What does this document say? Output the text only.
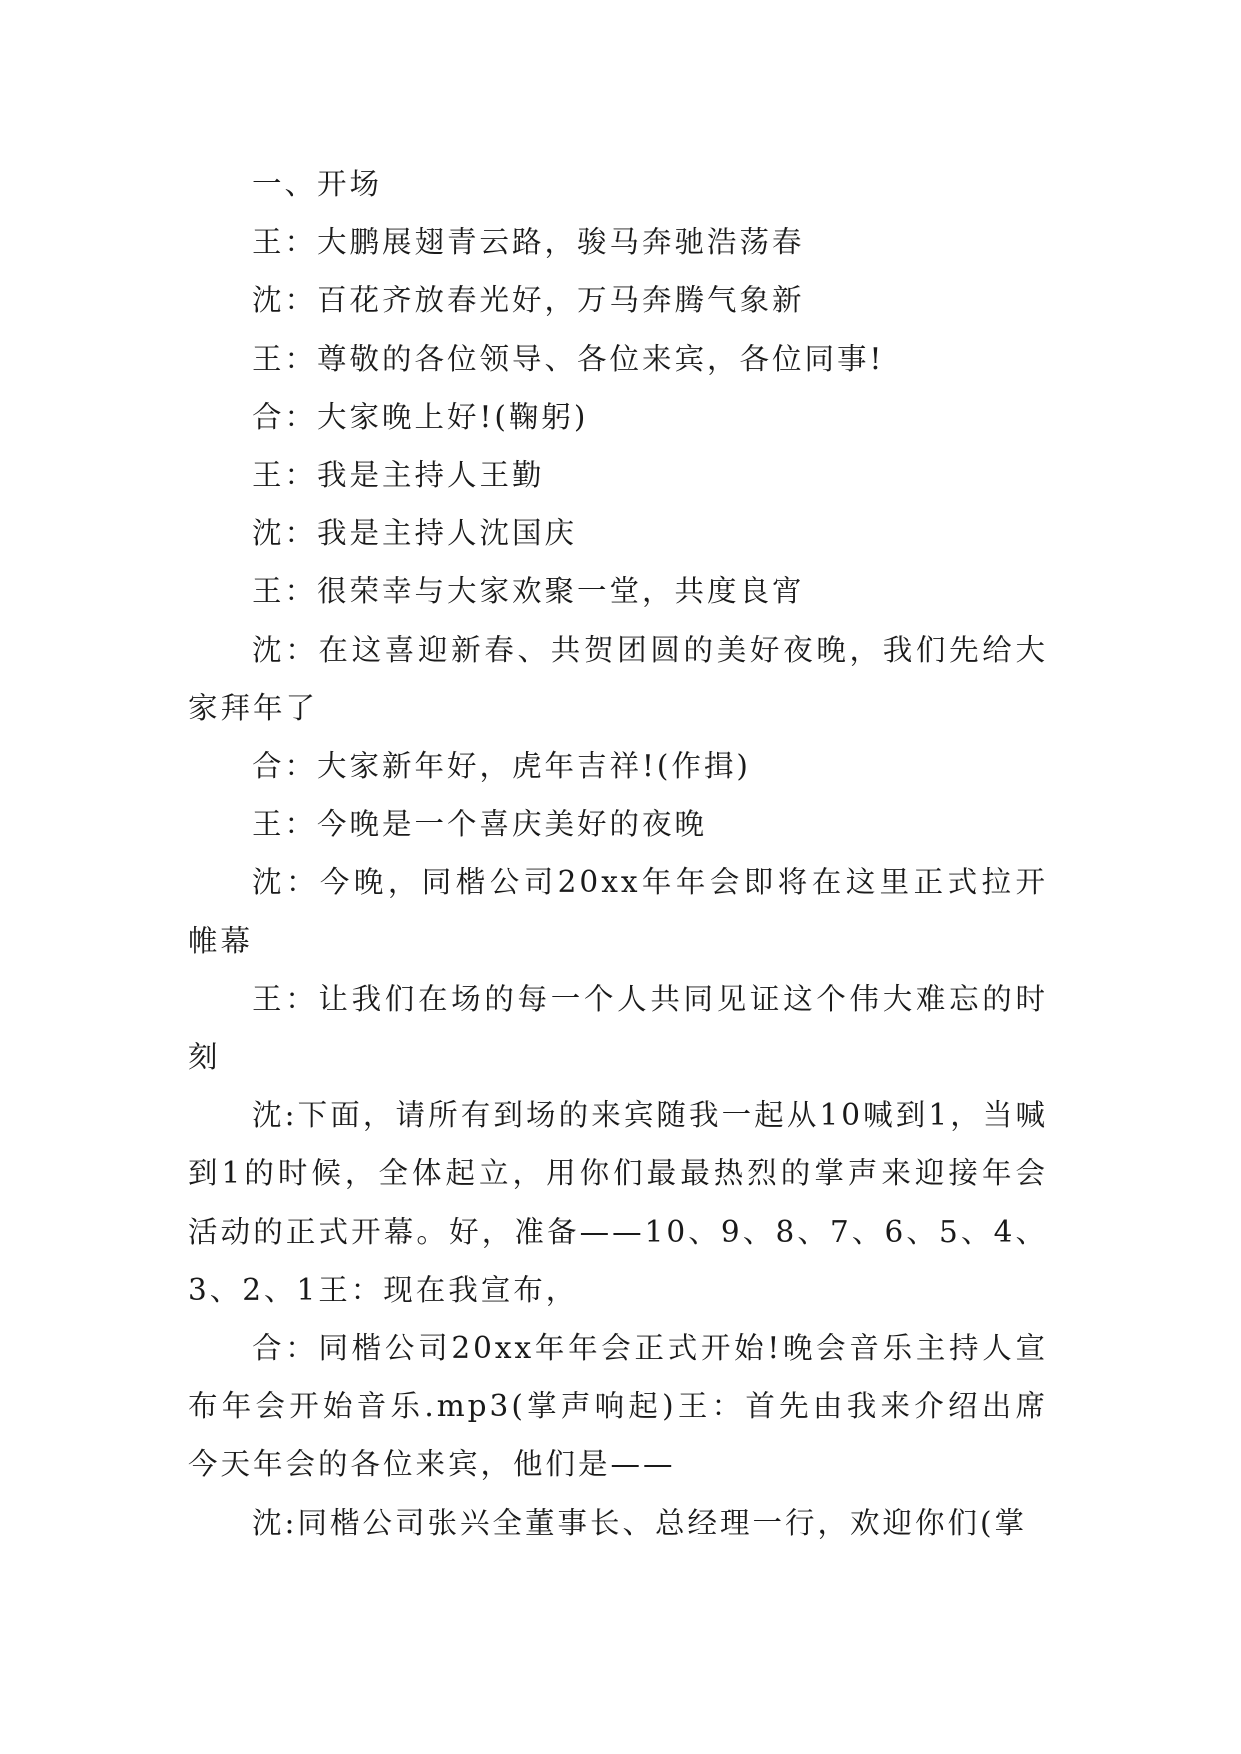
一、开场

王：大鹏展翅青云路，骏马奔驰浩荡春

沈：百花齐放春光好，万马奔腾气象新

王：尊敬的各位领导、各位来宾，各位同事!

合：大家晚上好!(鞠躬)

王：我是主持人王勤

沈：我是主持人沈国庆

王：很荣幸与大家欢聚一堂，共度良宵

沈：在这喜迎新春、共贺团圆的美好夜晚，我们先给大家拜年了

合：大家新年好，虎年吉祥!(作揖)

王：今晚是一个喜庆美好的夜晚

沈：今晚，同楷公司20xx年年会即将在这里正式拉开帷幕

王：让我们在场的每一个人共同见证这个伟大难忘的时刻

沈:下面，请所有到场的来宾随我一起从10喊到1，当喊到1的时候，全体起立，用你们最最热烈的掌声来迎接年会活动的正式开幕。好，准备——10、9、8、7、6、5、4、3、2、1王：现在我宣布，

合：同楷公司20xx年年会正式开始!晚会音乐主持人宣布年会开始音乐.mp3(掌声响起)王：首先由我来介绍出席今天年会的各位来宾，他们是——

沈:同楷公司张兴全董事长、总经理一行，欢迎你们(掌
